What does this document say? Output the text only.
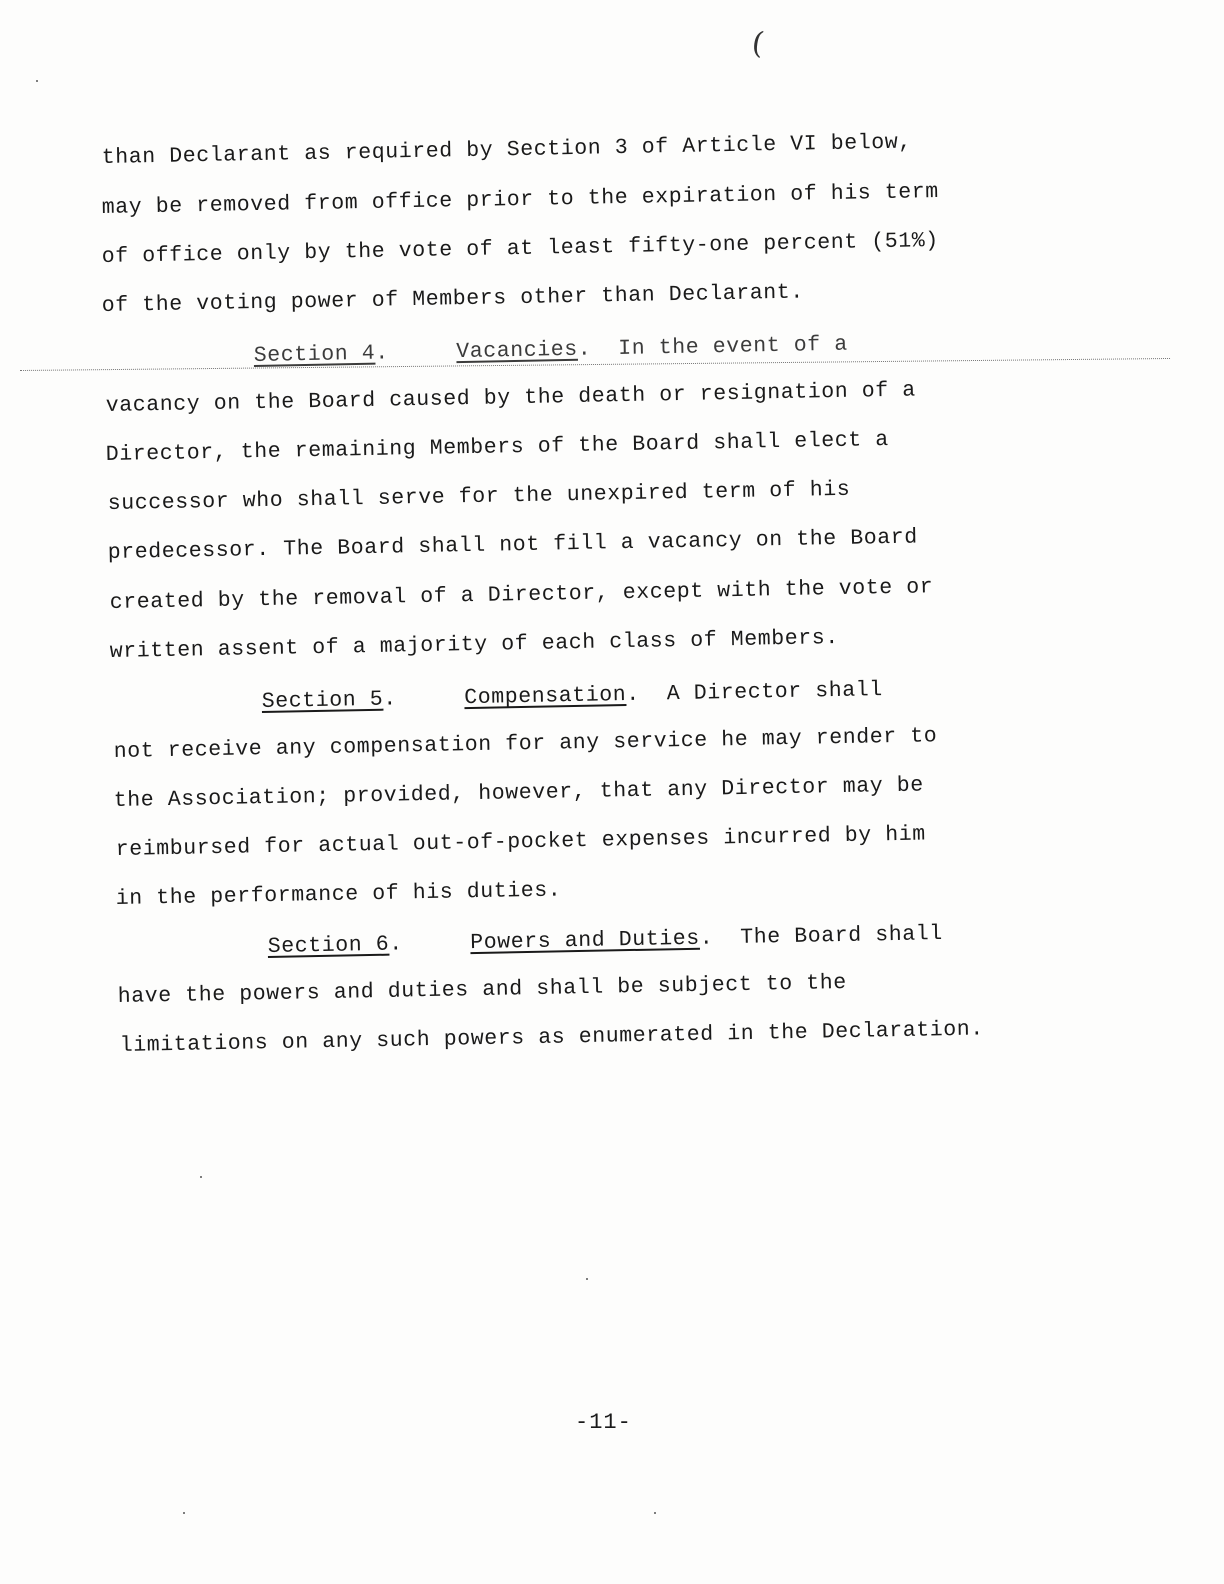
(
than Declarant as required by Section 3 of Article VI below,
may be removed from office prior to the expiration of his term
of office only by the vote of at least fifty-one percent (51%)
of the voting power of Members other than Declarant.
Section 4.     Vacancies.  In the event of a
vacancy on the Board caused by the death or resignation of a
Director, the remaining Members of the Board shall elect a
successor who shall serve for the unexpired term of his
predecessor. The Board shall not fill a vacancy on the Board
created by the removal of a Director, except with the vote or
written assent of a majority of each class of Members.
Section 5.     Compensation.  A Director shall
not receive any compensation for any service he may render to
the Association; provided, however, that any Director may be
reimbursed for actual out-of-pocket expenses incurred by him
in the performance of his duties.
Section 6.     Powers and Duties.  The Board shall
have the powers and duties and shall be subject to the
limitations on any such powers as enumerated in the Declaration.
-11-
